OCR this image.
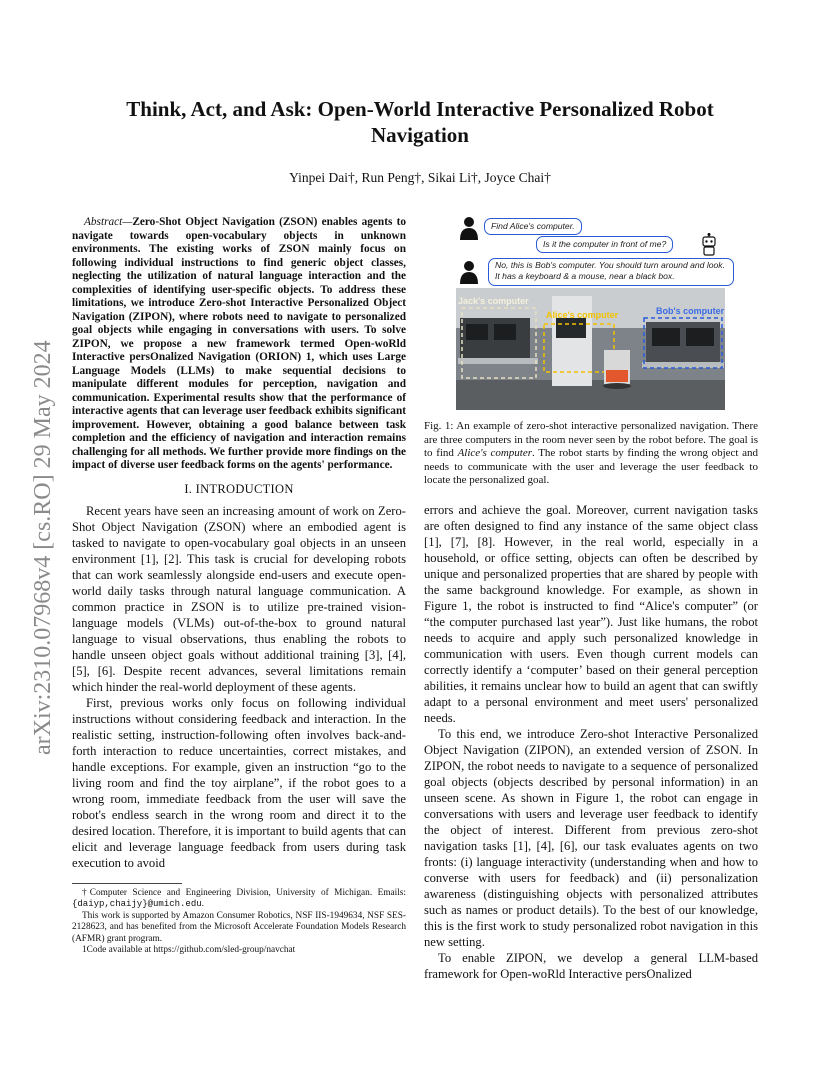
arXiv:2310.07968v4 [cs.RO] 29 May 2024
Think, Act, and Ask: Open-World Interactive Personalized Robot Navigation
Yinpei Dai†, Run Peng†, Sikai Li†, Joyce Chai†

Abstract—Zero-Shot Object Navigation (ZSON) enables agents to navigate towards open-vocabulary objects in unknown environments. The existing works of ZSON mainly focus on following individual instructions to find generic object classes, neglecting the utilization of natural language interaction and the complexities of identifying user-specific objects. To address these limitations, we introduce Zero-shot Interactive Personalized Object Navigation (ZIPON), where robots need to navigate to personalized goal objects while engaging in conversations with users. To solve ZIPON, we propose a new framework termed Open-woRld Interactive persOnalized Navigation (ORION) 1, which uses Large Language Models (LLMs) to make sequential decisions to manipulate different modules for perception, navigation and communication. Experimental results show that the performance of interactive agents that can leverage user feedback exhibits significant improvement. However, obtaining a good balance between task completion and the efficiency of navigation and interaction remains challenging for all methods. We further provide more findings on the impact of diverse user feedback forms on the agents' performance.

I. INTRODUCTION

Recent years have seen an increasing amount of work on Zero-Shot Object Navigation (ZSON) where an embodied agent is tasked to navigate to open-vocabulary goal objects in an unseen environment [1], [2]. This task is crucial for developing robots that can work seamlessly alongside end-users and execute open-world daily tasks through natural language communication. A common practice in ZSON is to utilize pre-trained vision-language models (VLMs) out-of-the-box to ground natural language to visual observations, thus enabling the robots to handle unseen object goals without additional training [3], [4], [5], [6]. Despite recent advances, several limitations remain which hinder the real-world deployment of these agents.

First, previous works only focus on following individual instructions without considering feedback and interaction. In the realistic setting, instruction-following often involves back-and-forth interaction to reduce uncertainties, correct mistakes, and handle exceptions. For example, given an instruction “go to the living room and find the toy airplane”, if the robot goes to a wrong room, immediate feedback from the user will save the robot's endless search in the wrong room and direct it to the desired location. Therefore, it is important to build agents that can elicit and leverage language feedback from users during task execution to avoid

†Computer Science and Engineering Division, University of Michigan. Emails: {daiyp,chaijy}@umich.edu.

This work is supported by Amazon Consumer Robotics, NSF IIS-1949634, NSF SES-2128623, and has benefited from the Microsoft Accelerate Foundation Models Research (AFMR) grant program.

1Code available at https://github.com/sled-group/navchat

Find Alice's computer.
Is it the computer in front of me?
No, this is Bob's computer. You should turn around and look. It has a keyboard & a mouse, near a black box.
Jack's computer
Alice's computer	Bob's computer

Fig. 1: An example of zero-shot interactive personalized navigation. There are three computers in the room never seen by the robot before. The goal is to find Alice's computer. The robot starts by finding the wrong object and needs to communicate with the user and leverage the user feedback to locate the personalized goal.

errors and achieve the goal. Moreover, current navigation tasks are often designed to find any instance of the same object class [1], [7], [8]. However, in the real world, especially in a household, or office setting, objects can often be described by unique and personalized properties that are shared by people with the same background knowledge. For example, as shown in Figure 1, the robot is instructed to find “Alice's computer” (or “the computer purchased last year”). Just like humans, the robot needs to acquire and apply such personalized knowledge in communication with users. Even though current models can correctly identify a ‘computer’ based on their general perception abilities, it remains unclear how to build an agent that can swiftly adapt to a personal environment and meet users' personalized needs.

To this end, we introduce Zero-shot Interactive Personalized Object Navigation (ZIPON), an extended version of ZSON. In ZIPON, the robot needs to navigate to a sequence of personalized goal objects (objects described by personal information) in an unseen scene. As shown in Figure 1, the robot can engage in conversations with users and leverage user feedback to identify the object of interest. Different from previous zero-shot navigation tasks [1], [4], [6], our task evaluates agents on two fronts: (i) language interactivity (understanding when and how to converse with users for feedback) and (ii) personalization awareness (distinguishing objects with personalized attributes such as names or product details). To the best of our knowledge, this is the first work to study personalized robot navigation in this new setting.

To enable ZIPON, we develop a general LLM-based framework for Open-woRld Interactive persOnalized
